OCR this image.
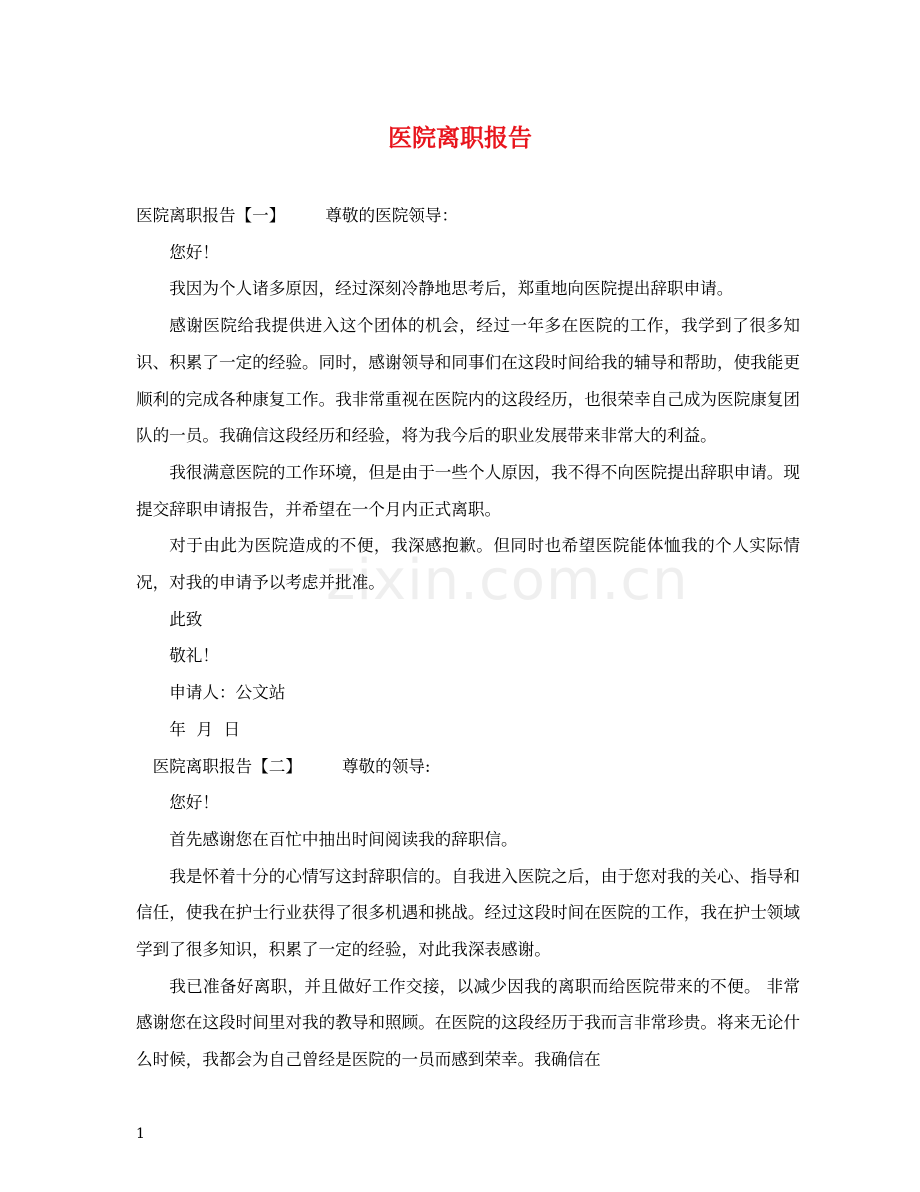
医院离职报告

医院离职报告【一】 尊敬的医院领导：

您好！

我因为个人诸多原因，经过深刻冷静地思考后，郑重地向医院提出辞职申请。

感谢医院给我提供进入这个团体的机会，经过一年多在医院的工作，我学到了很多知识、积累了一定的经验。同时，感谢领导和同事们在这段时间给我的辅导和帮助，使我能更顺利的完成各种康复工作。我非常重视在医院内的这段经历，也很荣幸自己成为医院康复团队的一员。我确信这段经历和经验，将为我今后的职业发展带来非常大的利益。

我很满意医院的工作环境，但是由于一些个人原因，我不得不向医院提出辞职申请。现提交辞职申请报告，并希望在一个月内正式离职。

对于由此为医院造成的不便，我深感抱歉。但同时也希望医院能体恤我的个人实际情况，对我的申请予以考虑并批准。

此致

敬礼！

申请人：公文站

年  月  日

医院离职报告【二】 尊敬的领导:

您好！

首先感谢您在百忙中抽出时间阅读我的辞职信。

我是怀着十分的心情写这封辞职信的。自我进入医院之后，由于您对我的关心、指导和信任，使我在护士行业获得了很多机遇和挑战。经过这段时间在医院的工作，我在护士领域学到了很多知识，积累了一定的经验，对此我深表感谢。

我已准备好离职，并且做好工作交接，以减少因我的离职而给医院带来的不便。 非常感谢您在这段时间里对我的教导和照顾。在医院的这段经历于我而言非常珍贵。将来无论什么时候，我都会为自己曾经是医院的一员而感到荣幸。我确信在

zixin.com.cn
1
